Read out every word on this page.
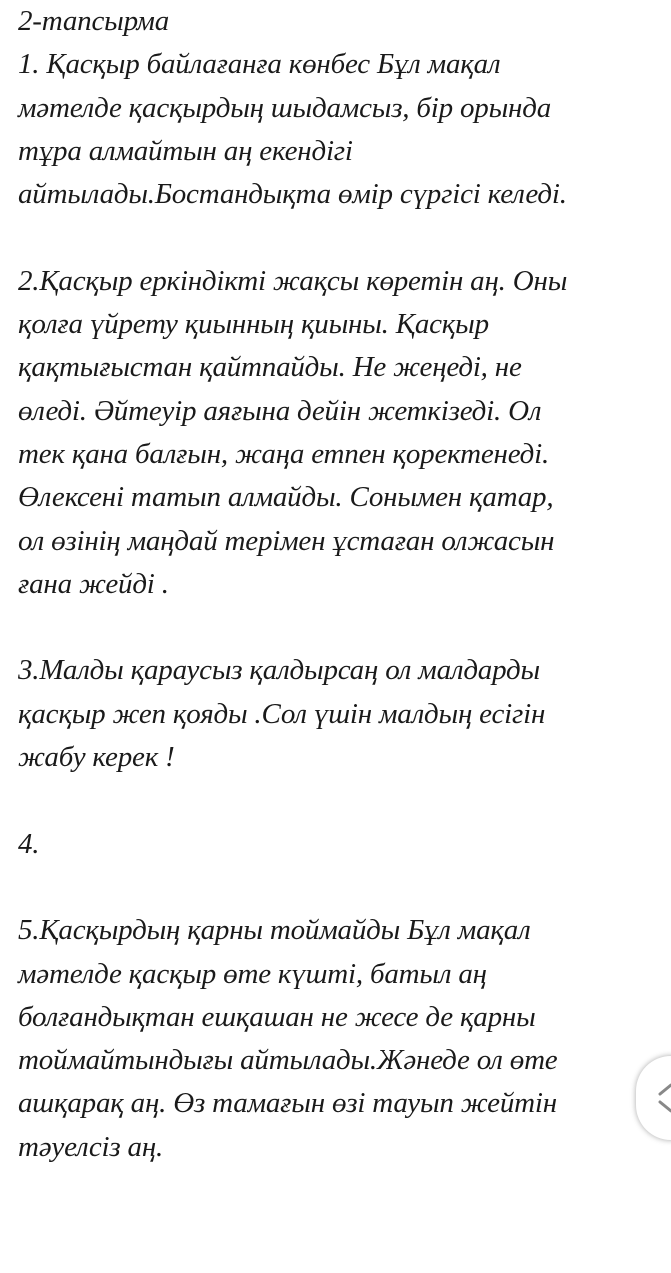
2-тапсырма
1. Қасқыр байлағанға көнбес Бұл мақал
мәтелде қасқырдың шыдамсыз, бір орында
тұра алмайтын аң екендігі
айтылады.Бостандықта өмір сүргісі келеді.
2.Қасқыр еркіндікті жақсы көретін аң. Оны
қолға үйрету қиынның қиыны. Қасқыр
қақтығыстан қайтпайды. Не жеңеді, не
өледі. Әйтеуір аяғына дейін жеткізеді. Ол
тек қана балғын, жаңа етпен қоректенеді.
Өлексені татып алмайды. Сонымен қатар,
ол өзінің маңдай терімен ұстаған олжасын
ғана жейді .
3.Малды қараусыз қалдырсаң ол малдарды
қасқыр жеп қояды .Сол үшін малдың есігін
жабу керек !
4.
5.Қасқырдың қарны тоймайды Бұл мақал
мәтелде қасқыр өте күшті, батыл аң
болғандықтан ешқашан не жесе де қарны
тоймайтындығы айтылады.Жәнеде ол өте
ашқарақ аң. Өз тамағын өзі тауып жейтін
тәуелсіз аң.
